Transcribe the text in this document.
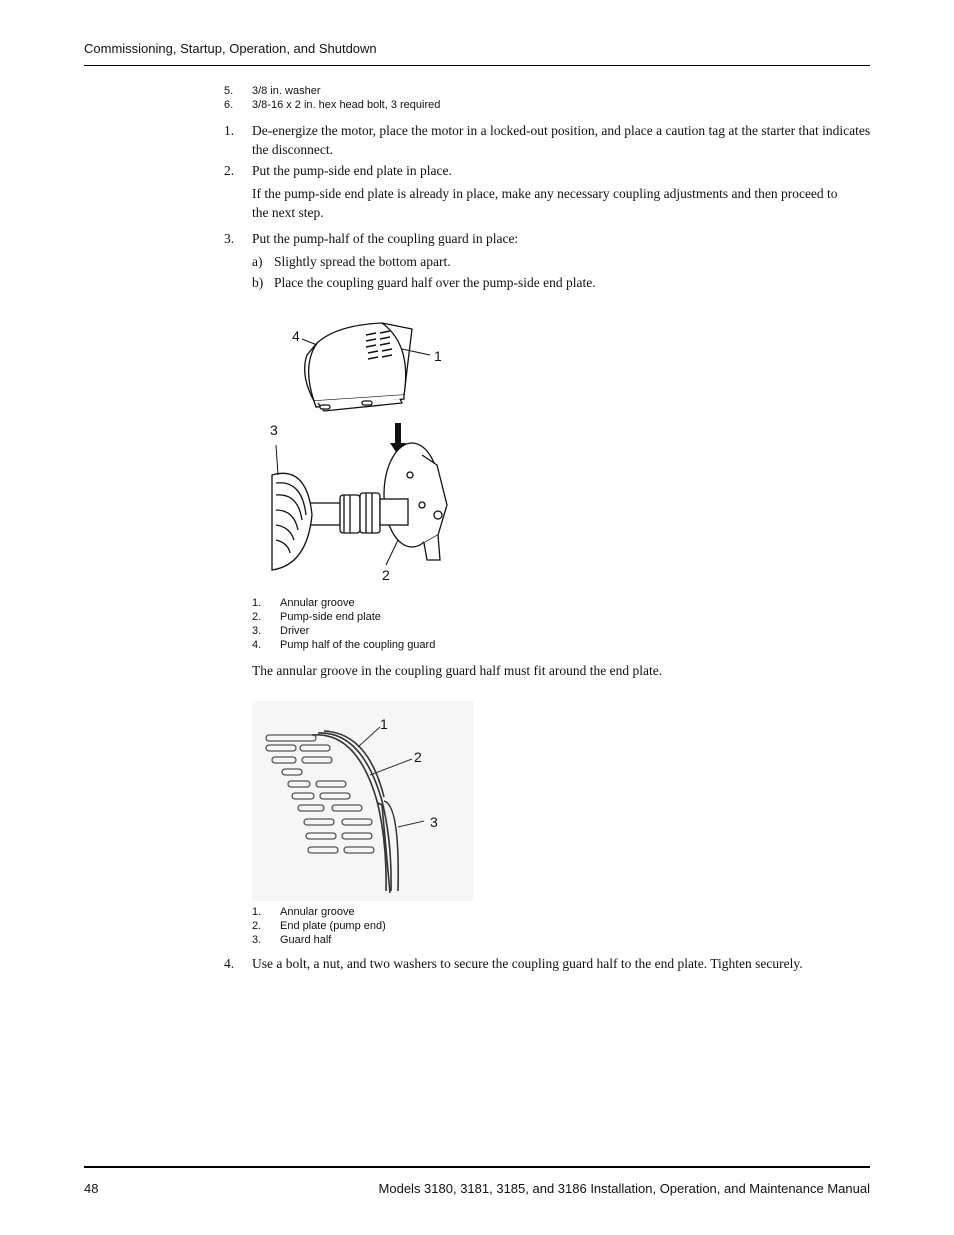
Commissioning, Startup, Operation, and Shutdown
5. 3/8 in. washer
6. 3/8-16 x 2 in. hex head bolt, 3 required
1. De-energize the motor, place the motor in a locked-out position, and place a caution tag at the starter that indicates the disconnect.
2. Put the pump-side end plate in place.
If the pump-side end plate is already in place, make any necessary coupling adjustments and then proceed to the next step.
3. Put the pump-half of the coupling guard in place:
a) Slightly spread the bottom apart.
b) Place the coupling guard half over the pump-side end plate.
4
1
3
2
1. Annular groove
2. Pump-side end plate
3. Driver
4. Pump half of the coupling guard
The annular groove in the coupling guard half must fit around the end plate.
1
2
3
1. Annular groove
2. End plate (pump end)
3. Guard half
4. Use a bolt, a nut, and two washers to secure the coupling guard half to the end plate. Tighten securely.
48	Models 3180, 3181, 3185, and 3186 Installation, Operation, and Maintenance Manual
